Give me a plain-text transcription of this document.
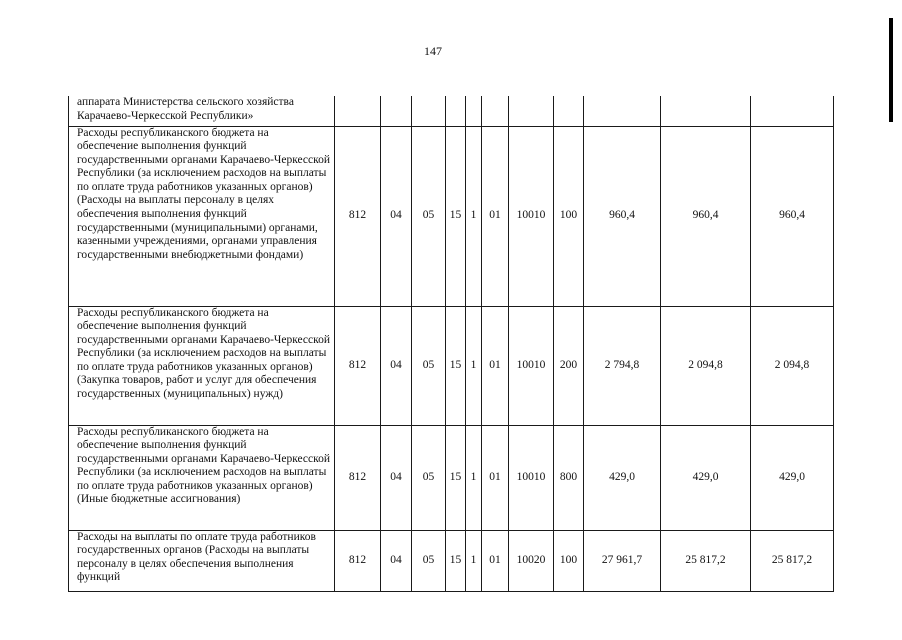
147
аппарата Министерства сельского хозяйства Карачаево-Черкесской Республики»											
Расходы республиканского бюджета на обеспечение выполнения функций государственными органами Карачаево-Черкесской Республики (за исключением расходов на выплаты по оплате труда работников указанных органов) (Расходы на выплаты персоналу в целях обеспечения выполнения функций государственными (муниципальными) органами, казенными учреждениями, органами управления государственными внебюджетными фондами)	812	04	05	15	1	01	10010	100	960,4	960,4	960,4
Расходы республиканского бюджета на обеспечение выполнения функций государственными органами Карачаево-Черкесской Республики (за исключением расходов на выплаты по оплате труда работников указанных органов) (Закупка товаров, работ и услуг для обеспечения государственных (муниципальных) нужд)	812	04	05	15	1	01	10010	200	2 794,8	2 094,8	2 094,8
Расходы республиканского бюджета на обеспечение выполнения функций государственными органами Карачаево-Черкесской Республики (за исключением расходов на выплаты по оплате труда работников указанных органов) (Иные бюджетные ассигнования)	812	04	05	15	1	01	10010	800	429,0	429,0	429,0
Расходы на выплаты по оплате труда работников государственных органов (Расходы на выплаты персоналу в целях обеспечения выполнения функций	812	04	05	15	1	01	10020	100	27 961,7	25 817,2	25 817,2
